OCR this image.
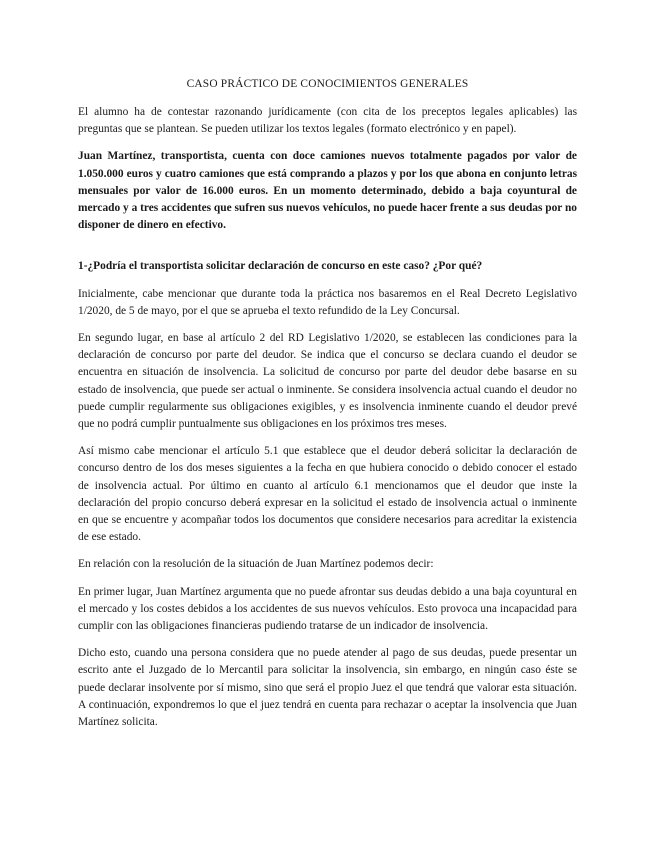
CASO PRÁCTICO DE CONOCIMIENTOS GENERALES

El alumno ha de contestar razonando jurídicamente (con cita de los preceptos legales aplicables) las preguntas que se plantean. Se pueden utilizar los textos legales (formato electrónico y en papel).

Juan Martínez, transportista, cuenta con doce camiones nuevos totalmente pagados por valor de 1.050.000 euros y cuatro camiones que está comprando a plazos y por los que abona en conjunto letras mensuales por valor de 16.000 euros. En un momento determinado, debido a baja coyuntural de mercado y a tres accidentes que sufren sus nuevos vehículos, no puede hacer frente a sus deudas por no disponer de dinero en efectivo.

1-¿Podría el transportista solicitar declaración de concurso en este caso? ¿Por qué?

Inicialmente, cabe mencionar que durante toda la práctica nos basaremos en el Real Decreto Legislativo 1/2020, de 5 de mayo, por el que se aprueba el texto refundido de la Ley Concursal.

En segundo lugar, en base al artículo 2 del RD Legislativo 1/2020, se establecen las condiciones para la declaración de concurso por parte del deudor. Se indica que el concurso se declara cuando el deudor se encuentra en situación de insolvencia. La solicitud de concurso por parte del deudor debe basarse en su estado de insolvencia, que puede ser actual o inminente. Se considera insolvencia actual cuando el deudor no puede cumplir regularmente sus obligaciones exigibles, y es insolvencia inminente cuando el deudor prevé que no podrá cumplir puntualmente sus obligaciones en los próximos tres meses.

Así mismo cabe mencionar el artículo 5.1 que establece que el deudor deberá solicitar la declaración de concurso dentro de los dos meses siguientes a la fecha en que hubiera conocido o debido conocer el estado de insolvencia actual. Por último en cuanto al artículo 6.1 mencionamos que el deudor que inste la declaración del propio concurso deberá expresar en la solicitud el estado de insolvencia actual o inminente en que se encuentre y acompañar todos los documentos que considere necesarios para acreditar la existencia de ese estado.

En relación con la resolución de la situación de Juan Martínez podemos decir:

En primer lugar, Juan Martínez argumenta que no puede afrontar sus deudas debido a una baja coyuntural en el mercado y los costes debidos a los accidentes de sus nuevos vehículos. Esto provoca una incapacidad para cumplir con las obligaciones financieras pudiendo tratarse de un indicador de insolvencia.

Dicho esto, cuando una persona considera que no puede atender al pago de sus deudas, puede presentar un escrito ante el Juzgado de lo Mercantil para solicitar la insolvencia, sin embargo, en ningún caso éste se puede declarar insolvente por sí mismo, sino que será el propio Juez el que tendrá que valorar esta situación. A continuación, expondremos lo que el juez tendrá en cuenta para rechazar o aceptar la insolvencia que Juan Martínez solicita.
